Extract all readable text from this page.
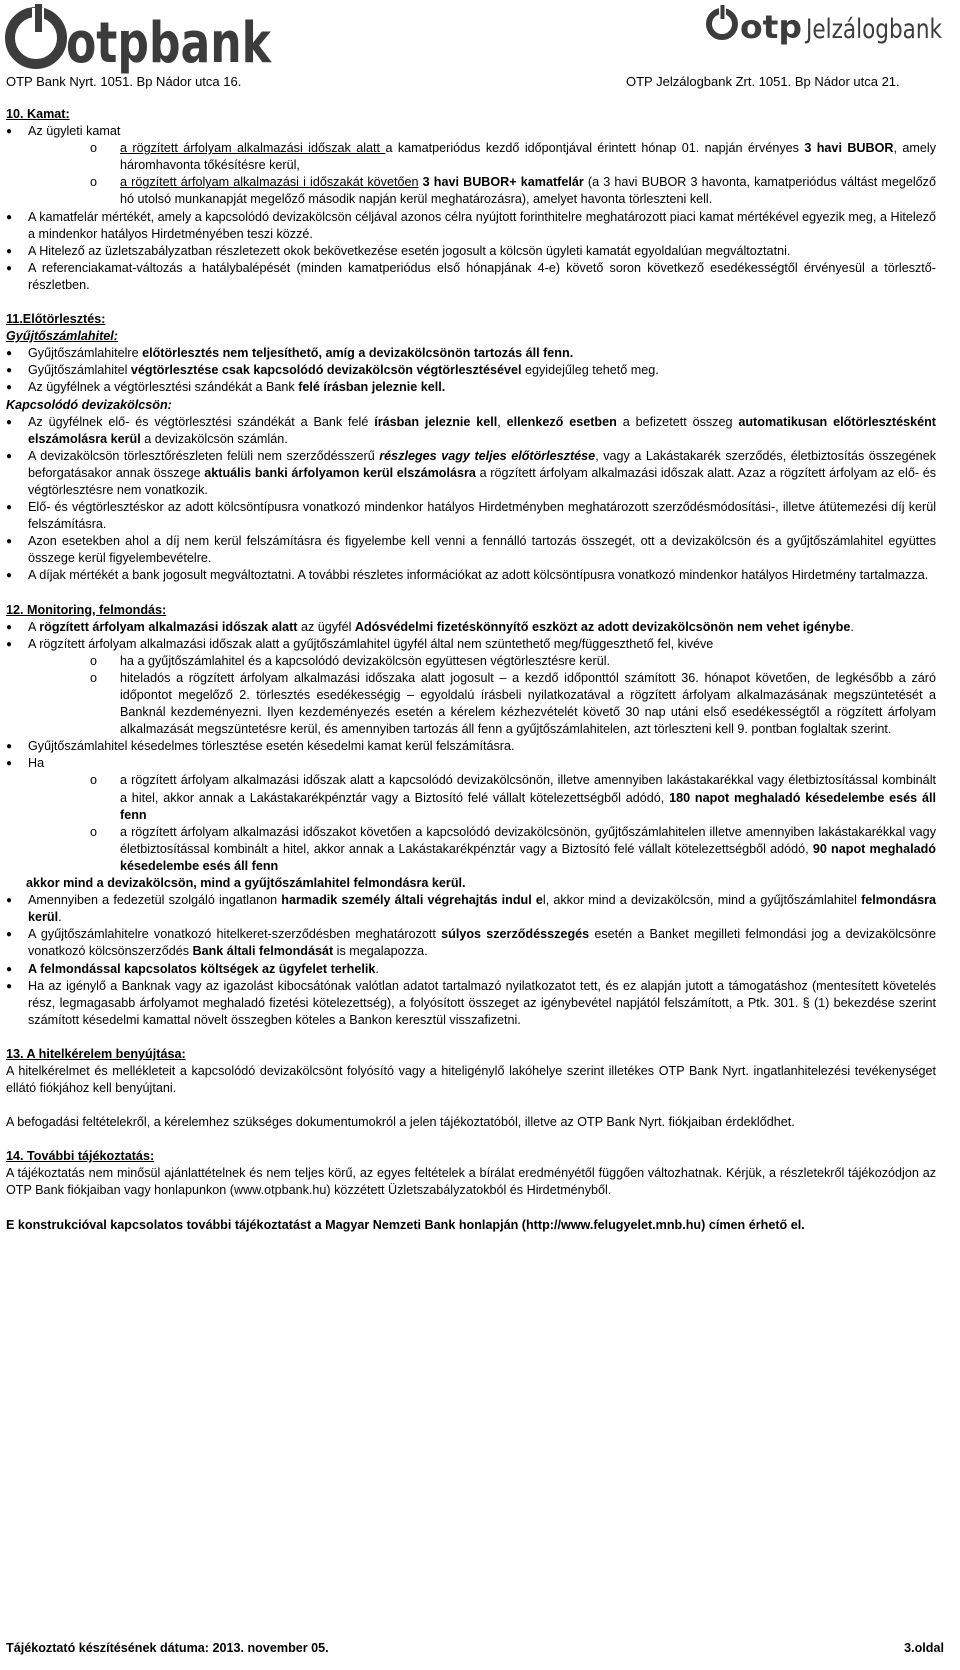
otpbank	otp Jelzálogbank
OTP Bank Nyrt. 1051. Bp Nádor utca 16.	OTP Jelzálogbank Zrt. 1051. Bp Nádor utca 21.

10. Kamat:

● Az ügyleti kamat
o a rögzített árfolyam alkalmazási időszak alatt a kamatperiódus kezdő időpontjával érintett hónap 01. napján érvényes 3 havi BUBOR, amely háromhavonta tőkésítésre kerül,
o a rögzített árfolyam alkalmazási i időszakát követően 3 havi BUBOR+ kamatfelár (a 3 havi BUBOR 3 havonta, kamatperiódus váltást megelőző hó utolsó munkanapját megelőző második napján kerül meghatározásra), amelyet havonta törleszteni kell.
● A kamatfelár mértékét, amely a kapcsolódó devizakölcsön céljával azonos célra nyújtott forinthitelre meghatározott piaci kamat mértékével egyezik meg, a Hitelező a mindenkor hatályos Hirdetményében teszi közzé.
● A Hitelező az üzletszabályzatban részletezett okok bekövetkezése esetén jogosult a kölcsön ügyleti kamatát egyoldalúan megváltoztatni.
● A referenciakamat-változás a hatálybalépését (minden kamatperiódus első hónapjának 4-e) követő soron következő esedékességtől érvényesül a törlesztő-részletben.

11.Előtörlesztés:

Gyűjtőszámlahitel:

● Gyűjtőszámlahitelre előtörlesztés nem teljesíthető, amíg a devizakölcsönön tartozás áll fenn.
● Gyűjtőszámlahitel végtörlesztése csak kapcsolódó devizakölcsön végtörlesztésével egyidejűleg tehető meg.
● Az ügyfélnek a végtörlesztési szándékát a Bank felé írásban jeleznie kell.

Kapcsolódó devizakölcsön:

● Az ügyfélnek elő- és végtörlesztési szándékát a Bank felé írásban jeleznie kell, ellenkező esetben a befizetett összeg automatikusan előtörlesztésként elszámolásra kerül a devizakölcsön számlán.
● A devizakölcsön törlesztőrészleten felüli nem szerződésszerű részleges vagy teljes előtörlesztése, vagy a Lakástakarék szerződés, életbiztosítás összegének beforgatásakor annak összege aktuális banki árfolyamon kerül elszámolásra a rögzített árfolyam alkalmazási időszak alatt. Azaz a rögzített árfolyam az elő- és végtörlesztésre nem vonatkozik.
● Elő- és végtörlesztéskor az adott kölcsöntípusra vonatkozó mindenkor hatályos Hirdetményben meghatározott szerződésmódosítási-, illetve átütemezési díj kerül felszámításra.
● Azon esetekben ahol a díj nem kerül felszámításra és figyelembe kell venni a fennálló tartozás összegét, ott a devizakölcsön és a gyűjtőszámlahitel együttes összege kerül figyelembevételre.
● A díjak mértékét a bank jogosult megváltoztatni. A további részletes információkat az adott kölcsöntípusra vonatkozó mindenkor hatályos Hirdetmény tartalmazza.

12. Monitoring, felmondás:

● A rögzített árfolyam alkalmazási időszak alatt az ügyfél Adósvédelmi fizetéskönnyítő eszközt az adott devizakölcsönön nem vehet igénybe.
● A rögzített árfolyam alkalmazási időszak alatt a gyűjtőszámlahitel ügyfél által nem szüntethető meg/függeszthető fel, kivéve
o ha a gyűjtőszámlahitel és a kapcsolódó devizakölcsön együttesen végtörlesztésre kerül.
o hiteladós a rögzített árfolyam alkalmazási időszaka alatt jogosult – a kezdő időponttól számított 36. hónapot követően, de legkésőbb a záró időpontot megelőző 2. törlesztés esedékességig – egyoldalú írásbeli nyilatkozatával a rögzített árfolyam alkalmazásának megszüntetését a Banknál kezdeményezni. Ilyen kezdeményezés esetén a kérelem kézhezvételét követő 30 nap utáni első esedékességtől a rögzített árfolyam alkalmazását megszüntetésre kerül, és amennyiben tartozás áll fenn a gyűjtőszámlahitelen, azt törleszteni kell 9. pontban foglaltak szerint.
● Gyűjtőszámlahitel késedelmes törlesztése esetén késedelmi kamat kerül felszámításra.
● Ha
o a rögzített árfolyam alkalmazási időszak alatt a kapcsolódó devizakölcsönön, illetve amennyiben lakástakarékkal vagy életbiztosítással kombinált a hitel, akkor annak a Lakástakarékpénztár vagy a Biztosító felé vállalt kötelezettségből adódó, 180 napot meghaladó késedelembe esés áll fenn
o a rögzített árfolyam alkalmazási időszakot követően a kapcsolódó devizakölcsönön, gyűjtőszámlahitelen illetve amennyiben lakástakarékkal vagy életbiztosítással kombinált a hitel, akkor annak a Lakástakarékpénztár vagy a Biztosító felé vállalt kötelezettségből adódó, 90 napot meghaladó késedelembe esés áll fenn

akkor mind a devizakölcsön, mind a gyűjtőszámlahitel felmondásra kerül.

● Amennyiben a fedezetül szolgáló ingatlanon harmadik személy általi végrehajtás indul el, akkor mind a devizakölcsön, mind a gyűjtőszámlahitel felmondásra kerül.
● A gyűjtőszámlahitelre vonatkozó hitelkeret-szerződésben meghatározott súlyos szerződésszegés esetén a Banket megilleti felmondási jog a devizakölcsönre vonatkozó kölcsönszerződés Bank általi felmondását is megalapozza.
● A felmondással kapcsolatos költségek az ügyfelet terhelik.
● Ha az igénylő a Banknak vagy az igazolást kibocsátónak valótlan adatot tartalmazó nyilatkozatot tett, és ez alapján jutott a támogatáshoz (mentesített követelés rész, legmagasabb árfolyamot meghaladó fizetési kötelezettség), a folyósított összeget az igénybevétel napjától felszámított, a Ptk. 301. § (1) bekezdése szerint számított késedelmi kamattal növelt összegben köteles a Bankon keresztül visszafizetni.

13. A hitelkérelem benyújtása:

A hitelkérelmet és mellékleteit a kapcsolódó devizakölcsönt folyósító vagy a hiteligénylő lakóhelye szerint illetékes OTP Bank Nyrt. ingatlanhitelezési tevékenységet ellátó fiókjához kell benyújtani.

A befogadási feltételekről, a kérelemhez szükséges dokumentumokról a jelen tájékoztatóból, illetve az OTP Bank Nyrt. fiókjaiban érdeklődhet.

14. További tájékoztatás:

A tájékoztatás nem minősül ajánlattételnek és nem teljes körű, az egyes feltételek a bírálat eredményétől függően változhatnak. Kérjük, a részletekről tájékozódjon az OTP Bank fiókjaiban vagy honlapunkon (www.otpbank.hu) közzétett Üzletszabályzatokból és Hirdetményből.

E konstrukcióval kapcsolatos további tájékoztatást a Magyar Nemzeti Bank honlapján (http://www.felugyelet.mnb.hu) címen érhető el.

Tájékoztató készítésének dátuma: 2013. november 05.	3.oldal
